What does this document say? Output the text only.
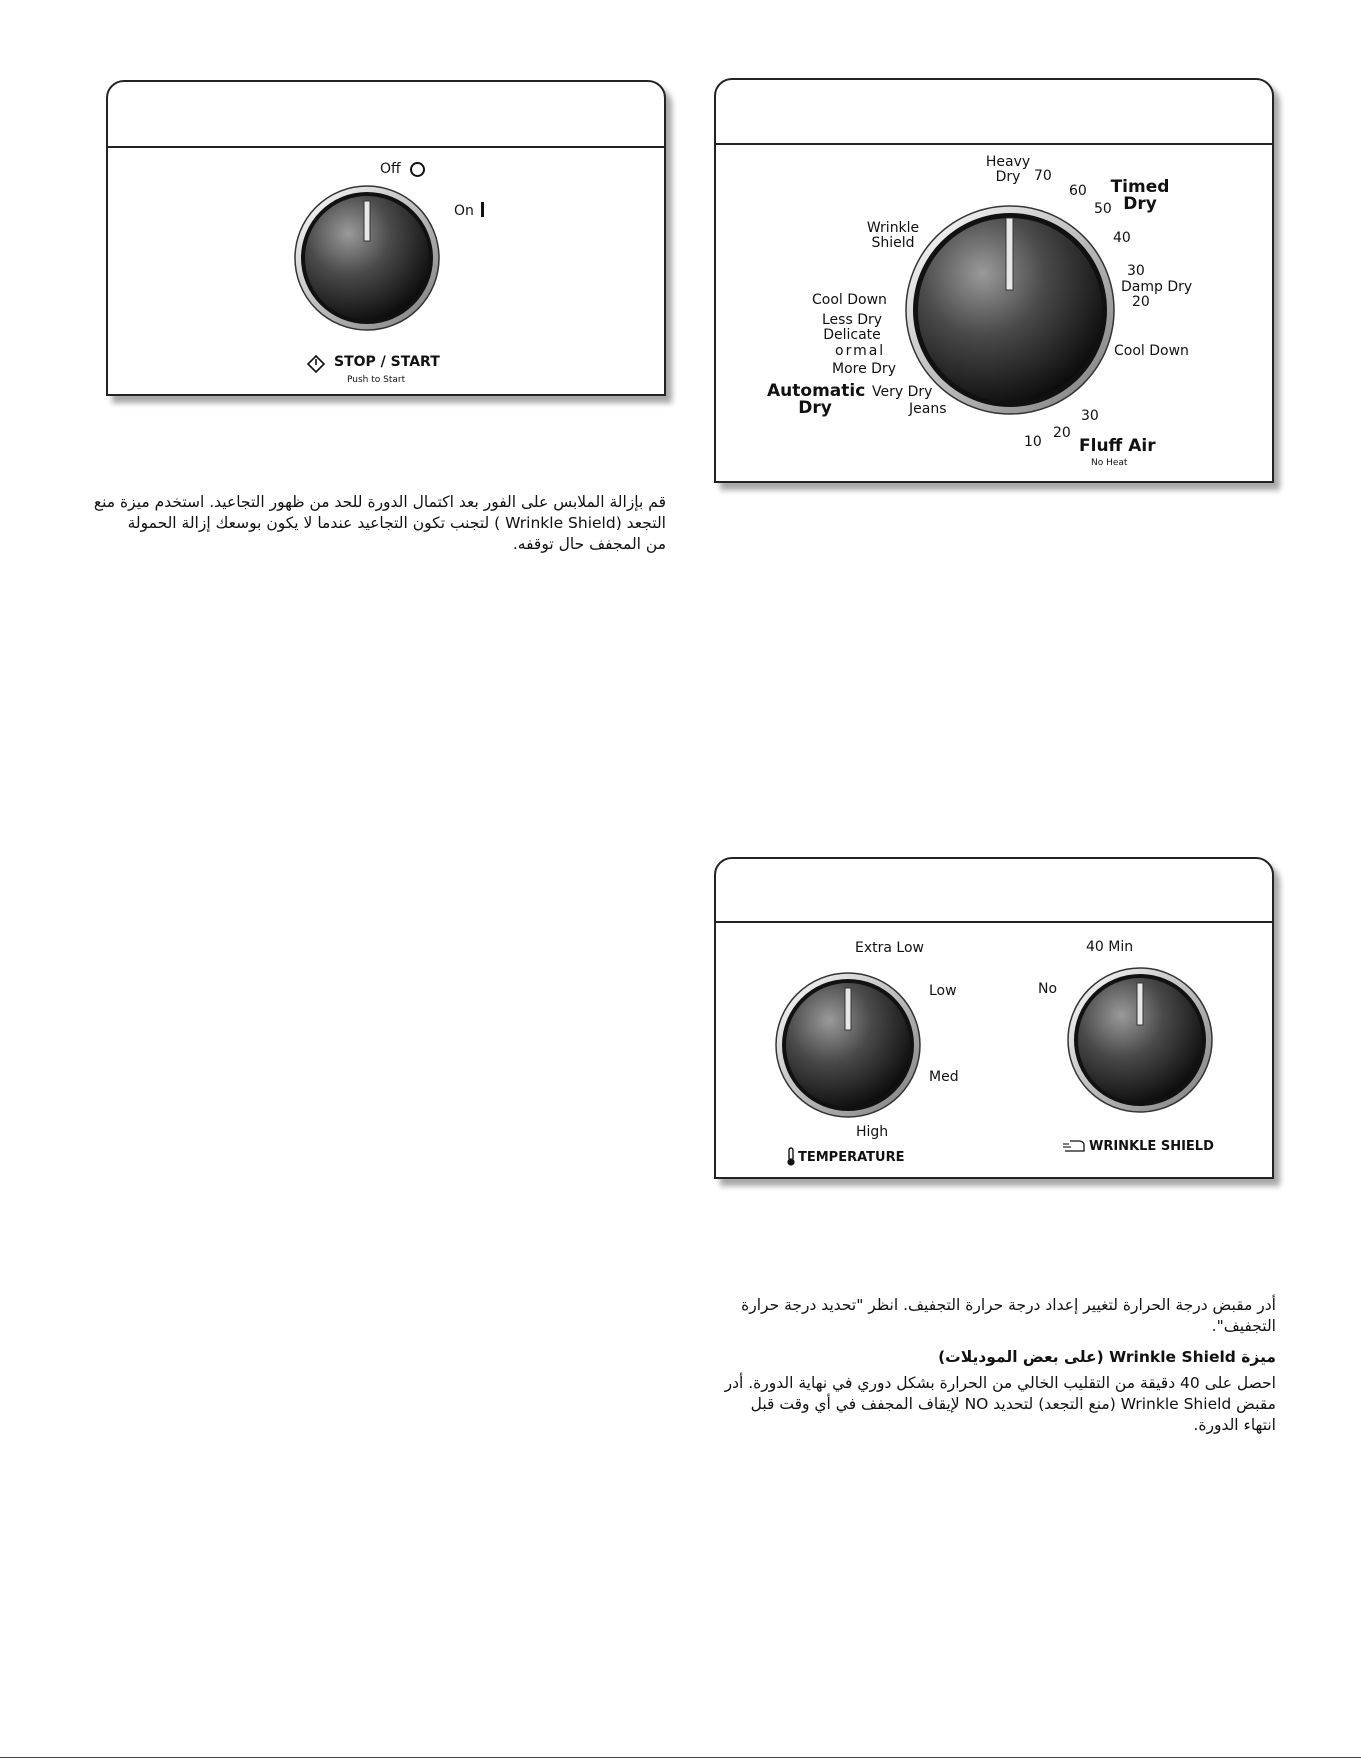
Off
On
STOP / START
Push to Start
Heavy
Dry 70
60
50
Timed
Dry
40
30
Damp Dry
20
Cool Down
30
20
10 Fluff Air
No Heat
Wrinkle
Shield
Cool Down
Less Dry
Delicate
ormal
More Dry
Automatic
Dry
Very Dry
Jeans
Extra Low
Low
Med
High
TEMPERATURE
40 Min
No
WRINKLE SHIELD
قم بإزالة الملابس على الفور بعد اكتمال الدورة للحد من ظهور التجاعيد. استخدم ميزة منع
التجعد (Wrinkle Shield ) لتجنب تكون التجاعيد عندما لا يكون بوسعك إزالة الحمولة
من المجفف حال توقفه.
أدر مقبض درجة الحرارة لتغيير إعداد درجة حرارة التجفيف. انظر "تحديد درجة حرارة
التجفيف".
ميزة Wrinkle Shield (على بعض الموديلات)
احصل على 40 دقيقة من التقليب الخالي من الحرارة بشكل دوري في نهاية الدورة. أدر
مقبض Wrinkle Shield (منع التجعد) لتحديد NO لإيقاف المجفف في أي وقت قبل
انتهاء الدورة.
